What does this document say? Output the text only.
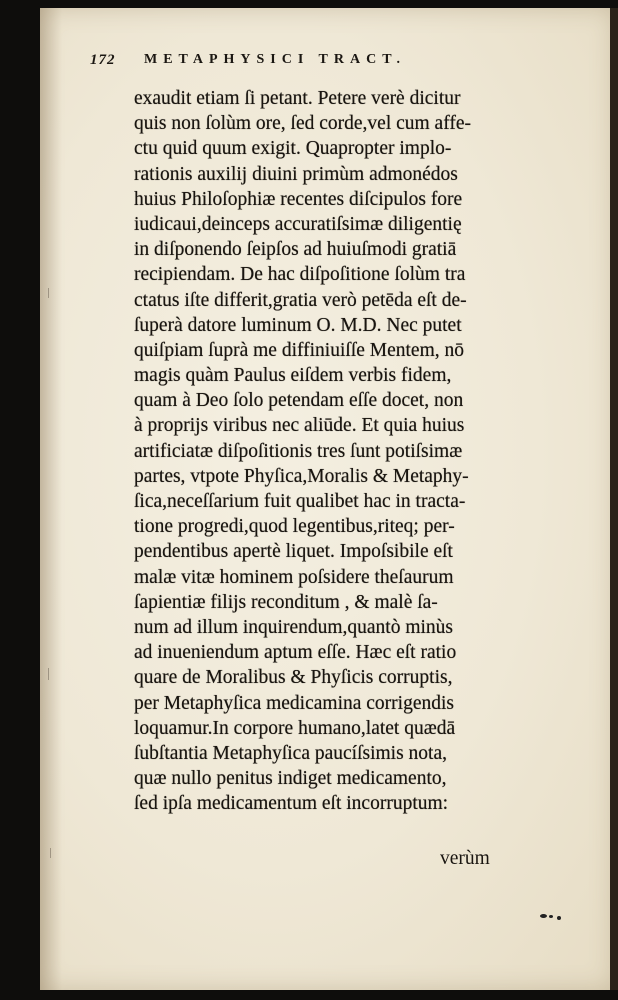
172 METAPHYSICI TRACT.
exaudit etiam ſi petant. Petere verè dicitur
quis non ſolùm ore, ſed corde,vel cum affe-
ctu quid quum exigit. Quapropter implo-
rationis auxilij diuini primùm admonédos
huius Philoſophiæ recentes diſcipulos fore
iudicaui,deinceps accuratiſsimæ diligentię
in diſponendo ſeipſos ad huiuſmodi gratiā
recipiendam. De hac diſpoſitione ſolùm tra
ctatus iſte differit,gratia verò petēda eſt de-
ſuperà datore luminum O. M.D. Nec putet
quiſpiam ſuprà me diffiniuiſſe Mentem, nō
magis quàm Paulus eiſdem verbis fidem,
quam à Deo ſolo petendam eſſe docet, non
à proprijs viribus nec aliūde. Et quia huius
artificiatæ diſpoſitionis tres ſunt potiſsimæ
partes, vtpote Phyſica,Moralis & Metaphy-
ſica,neceſſarium fuit qualibet hac in tracta-
tione progredi,quod legentibus,riteq; per-
pendentibus apertè liquet. Impoſsibile eſt
malæ vitæ hominem poſsidere theſaurum
ſapientiæ filijs reconditum , & malè ſa-
num ad illum inquirendum,quantò minùs
ad inueniendum aptum eſſe. Hæc eſt ratio
quare de Moralibus & Phyſicis corruptis,
per Metaphyſica medicamina corrigendis
loquamur.In corpore humano,latet quædā
ſubſtantia Metaphyſica paucíſsimis nota,
quæ nullo penitus indiget medicamento,
ſed ipſa medicamentum eſt incorruptum:
verùm
